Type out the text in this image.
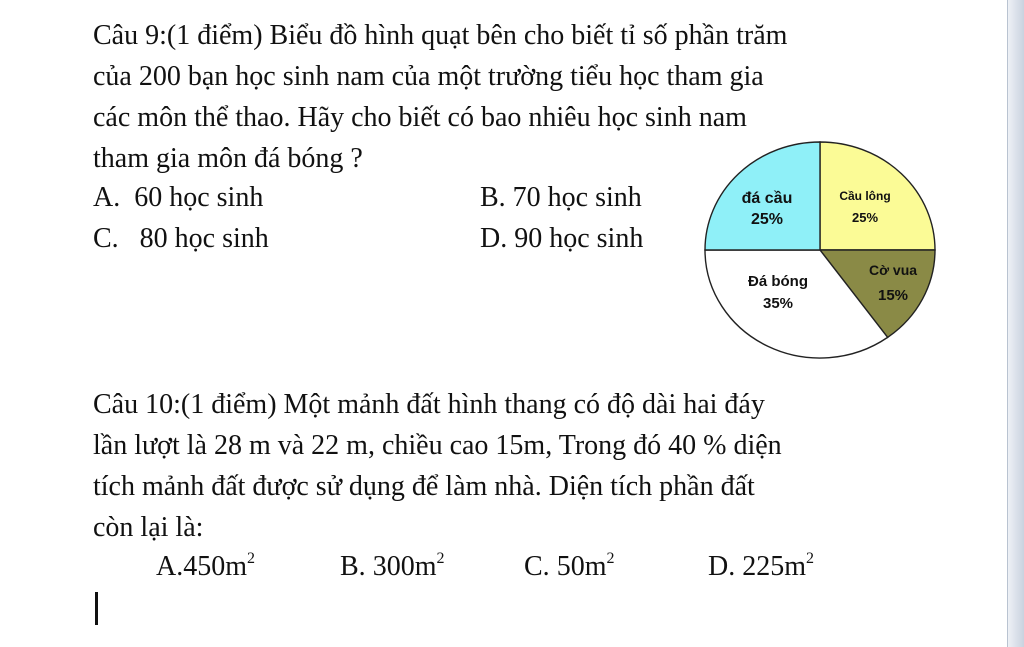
Câu 9:(1 điểm) Biểu đồ hình quạt bên cho biết tỉ số phần trăm
của 200 bạn học sinh nam của một trường tiểu học tham gia
các môn thể thao. Hãy cho biết có bao nhiêu học sinh nam
tham gia môn đá bóng ?
A.  60 học sinh	B. 70 học sinh
C.   80 học sinh	D. 90 học sinh
Cầu lông
25%
Cờ vua
15%
Đá bóng
35%
đá cầu
25%
Câu 10:(1 điểm) Một mảnh đất hình thang có độ dài hai đáy
lần lượt là 28 m và 22 m, chiều cao 15m, Trong đó 40 % diện
tích mảnh đất được sử dụng để làm nhà. Diện tích phần đất
còn lại là:
$A.450m^2$	B. $300m^2$	C. $50m^2$	D. $225m^2$
